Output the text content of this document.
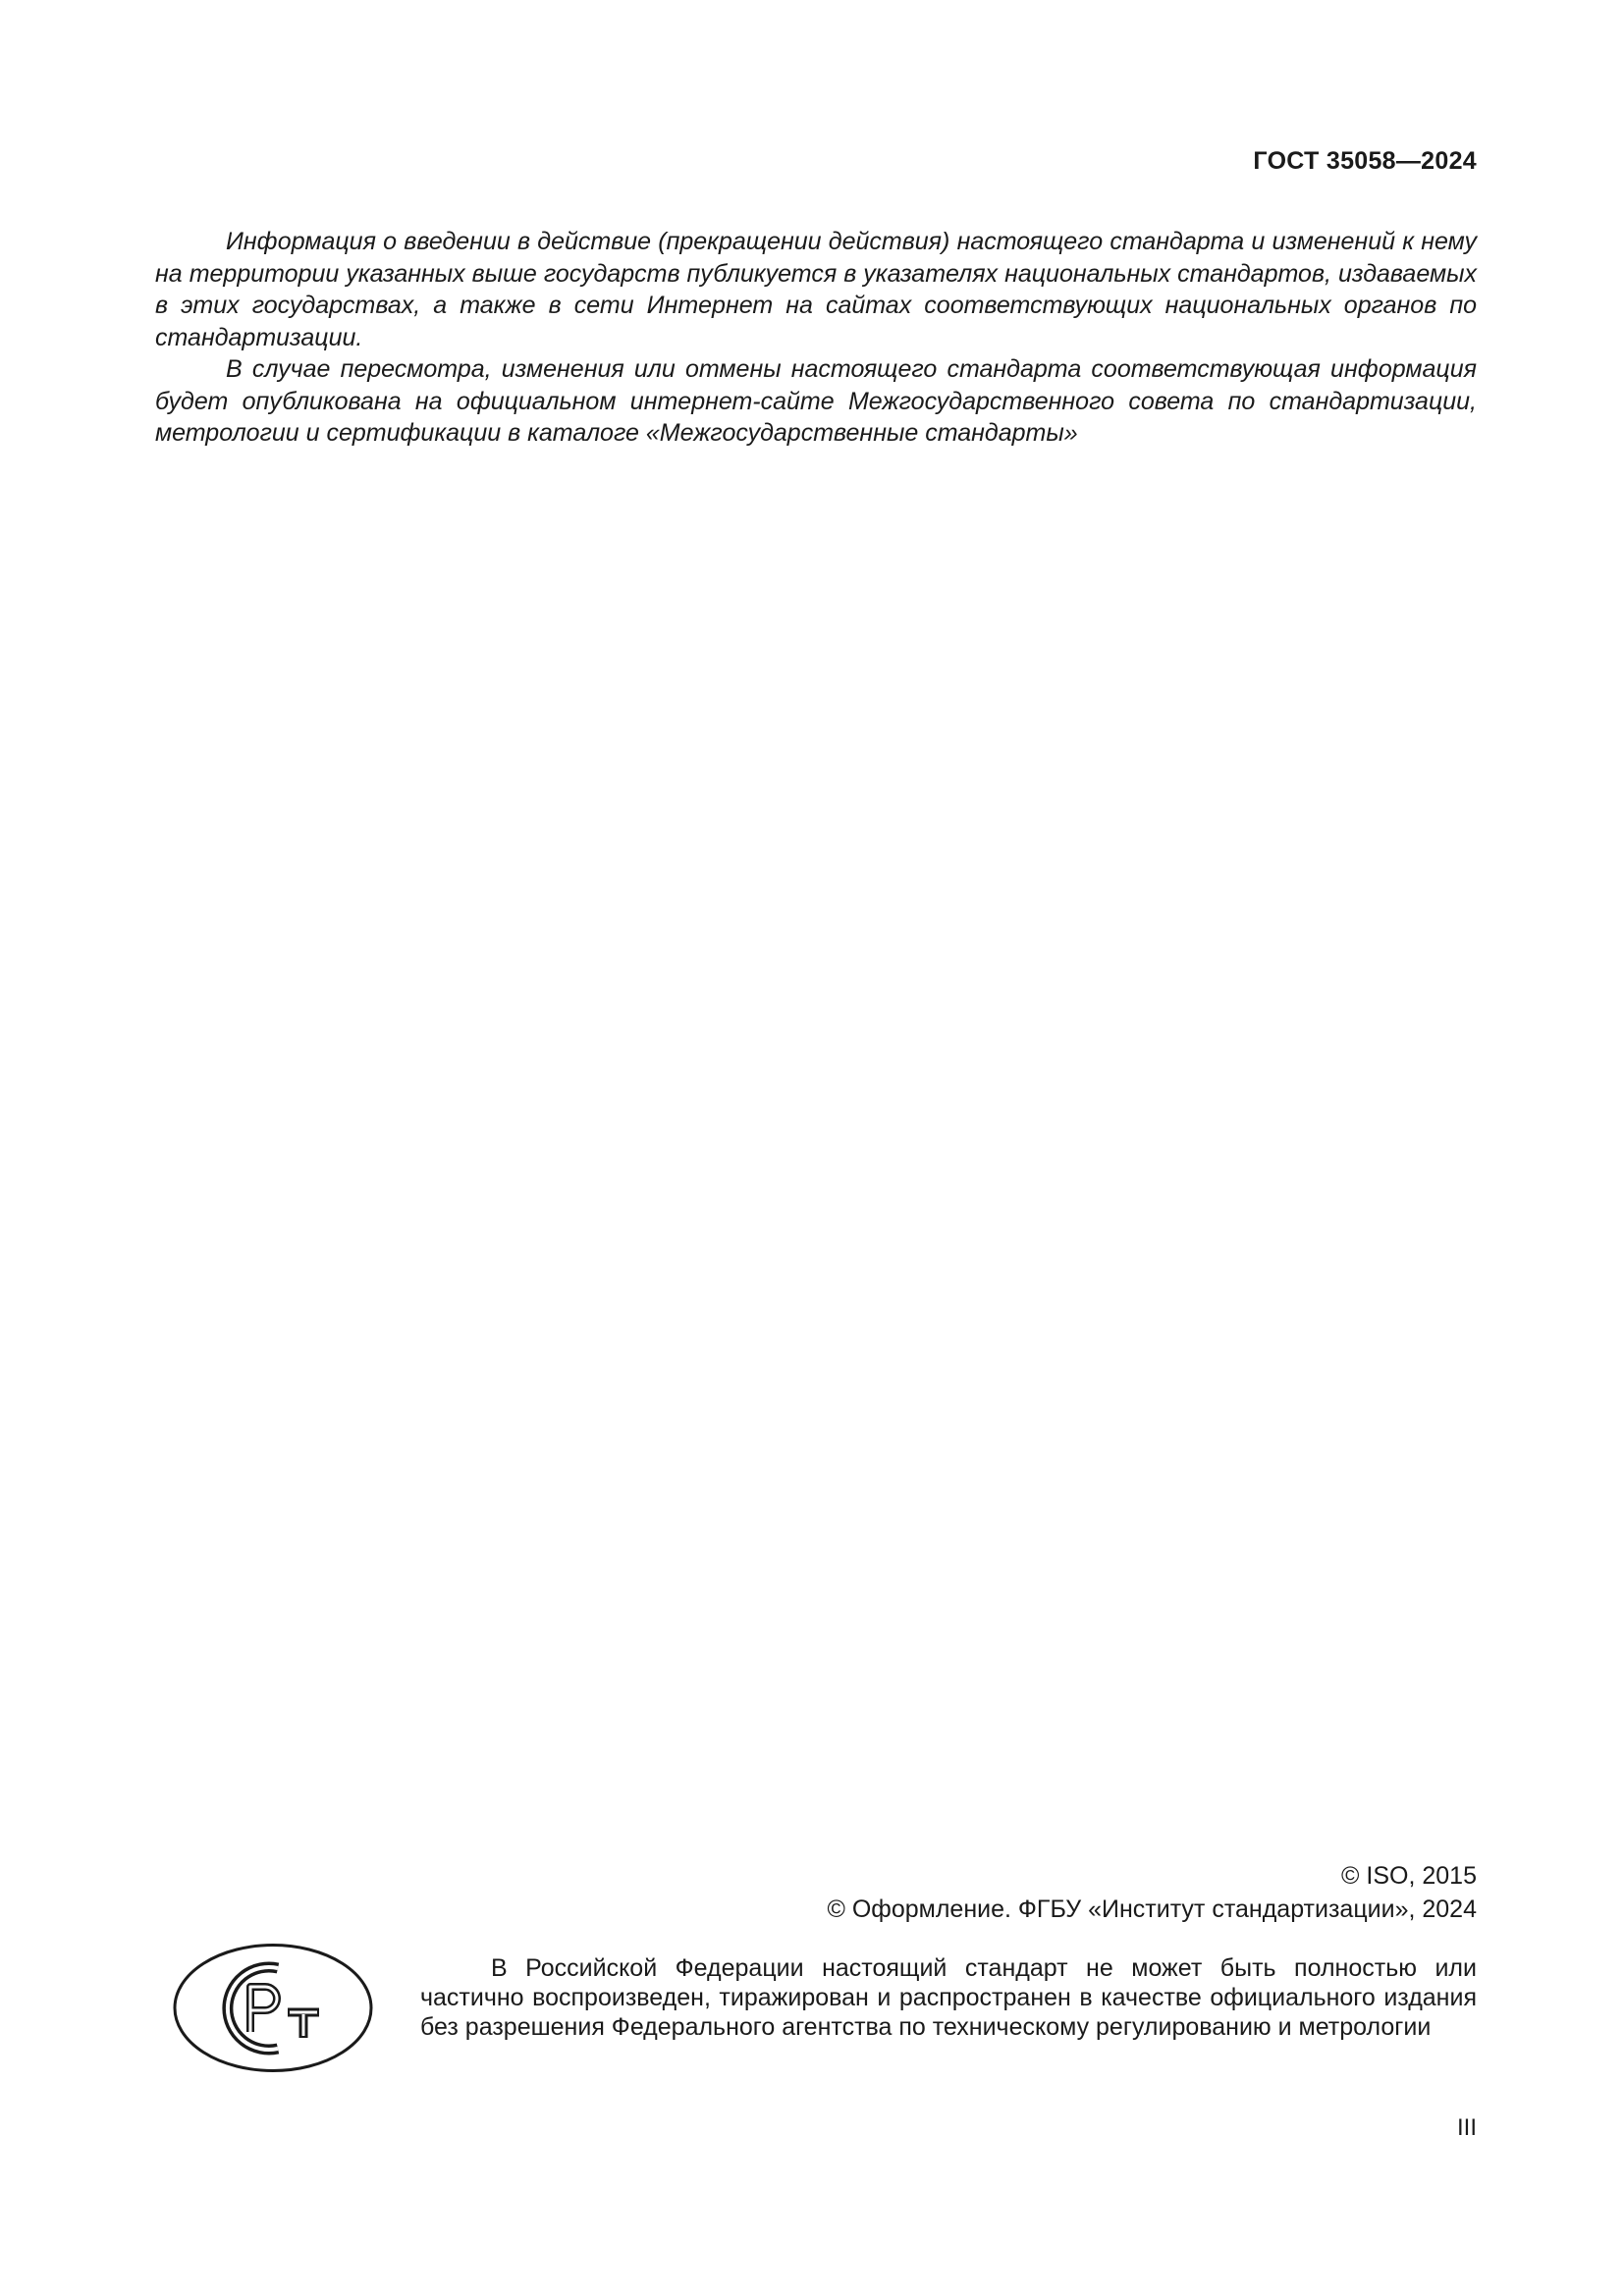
ГОСТ 35058—2024

Информация о введении в действие (прекращении действия) настоящего стандарта и изменений к нему на территории указанных выше государств публикуется в указателях национальных стандартов, издаваемых в этих государствах, а также в сети Интернет на сайтах соответствующих национальных органов по стандартизации.

В случае пересмотра, изменения или отмены настоящего стандарта соответствующая информация будет опубликована на официальном интернет-сайте Межгосударственного совета по стандартизации, метрологии и сертификации в каталоге «Межгосударственные стандарты»

© ISO, 2015
© Оформление. ФГБУ «Институт стандартизации», 2024

В Российской Федерации настоящий стандарт не может быть полностью или частично воспроизведен, тиражирован и распространен в качестве официального издания без разрешения Федерального агентства по техническому регулированию и метрологии

III
